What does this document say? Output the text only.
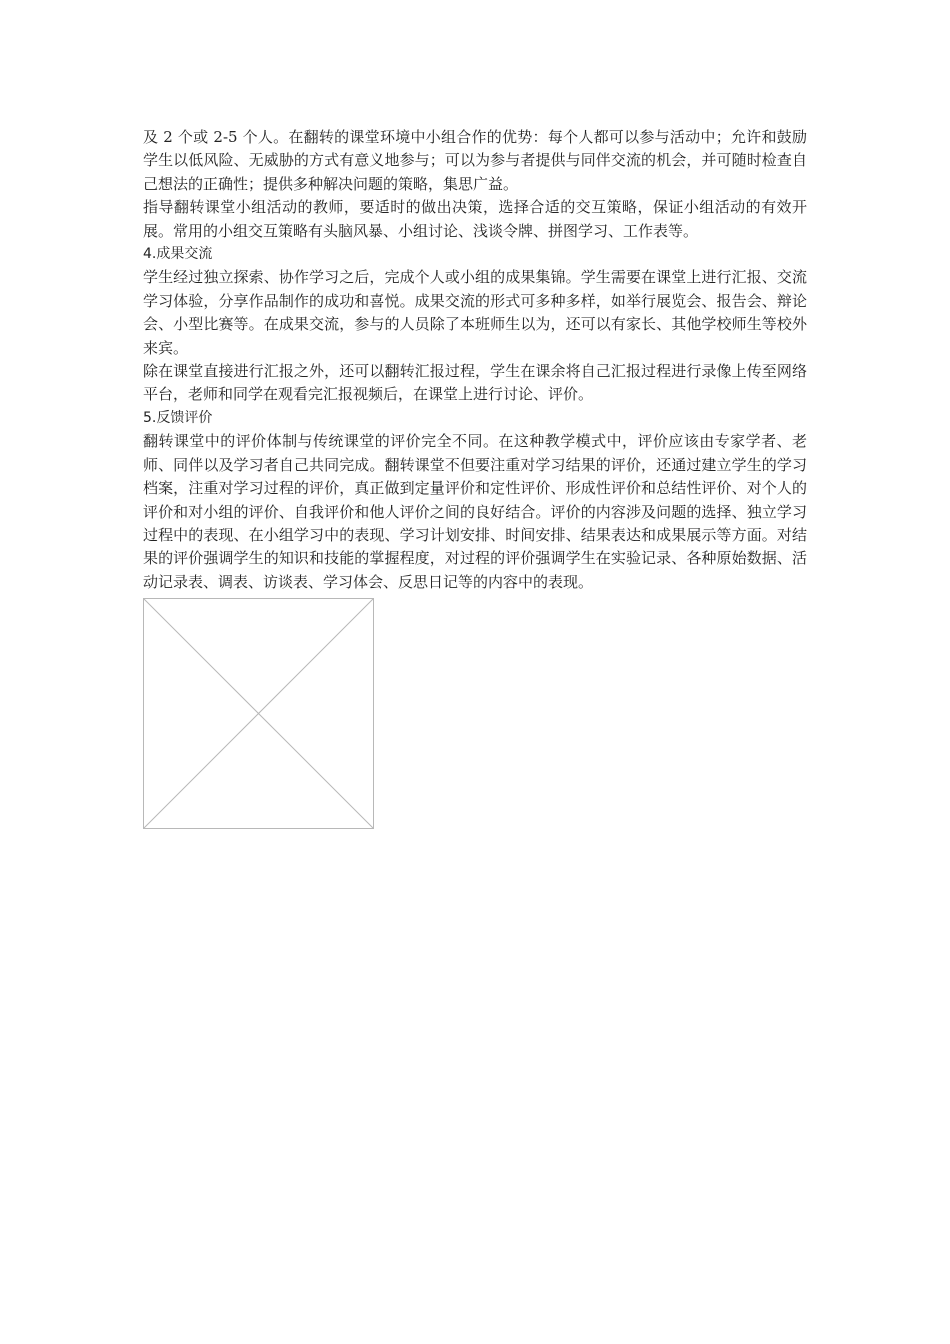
及 2 个或 2-5 个人。在翻转的课堂环境中小组合作的优势：每个人都可以参与活动中；允许和鼓励学生以低风险、无威胁的方式有意义地参与；可以为参与者提供与同伴交流的机会，并可随时检查自己想法的正确性；提供多种解决问题的策略，集思广益。

指导翻转课堂小组活动的教师，要适时的做出决策，选择合适的交互策略，保证小组活动的有效开展。常用的小组交互策略有头脑风暴、小组讨论、浅谈令牌、拼图学习、工作表等。

4.成果交流

学生经过独立探索、协作学习之后，完成个人或小组的成果集锦。学生需要在课堂上进行汇报、交流学习体验，分享作品制作的成功和喜悦。成果交流的形式可多种多样，如举行展览会、报告会、辩论会、小型比赛等。在成果交流，参与的人员除了本班师生以为，还可以有家长、其他学校师生等校外来宾。

除在课堂直接进行汇报之外，还可以翻转汇报过程，学生在课余将自己汇报过程进行录像上传至网络平台，老师和同学在观看完汇报视频后，在课堂上进行讨论、评价。

5.反馈评价

翻转课堂中的评价体制与传统课堂的评价完全不同。在这种教学模式中，评价应该由专家学者、老师、同伴以及学习者自己共同完成。翻转课堂不但要注重对学习结果的评价，还通过建立学生的学习档案，注重对学习过程的评价，真正做到定量评价和定性评价、形成性评价和总结性评价、对个人的评价和对小组的评价、自我评价和他人评价之间的良好结合。评价的内容涉及问题的选择、独立学习过程中的表现、在小组学习中的表现、学习计划安排、时间安排、结果表达和成果展示等方面。对结果的评价强调学生的知识和技能的掌握程度，对过程的评价强调学生在实验记录、各种原始数据、活动记录表、调表、访谈表、学习体会、反思日记等的内容中的表现。
